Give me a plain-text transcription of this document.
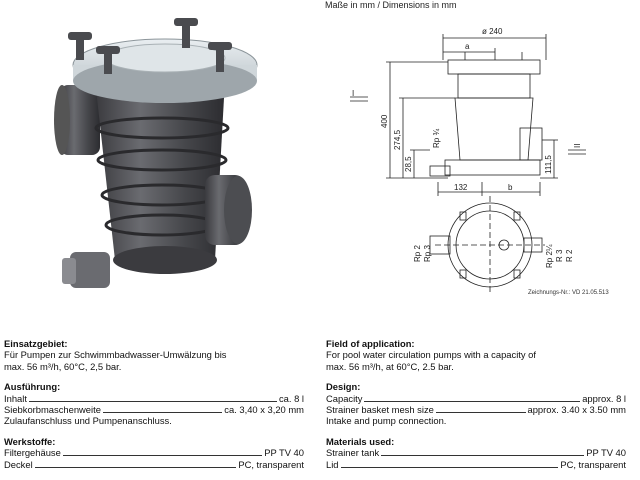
Maße in mm / Dimensions in mm
ø 240
a
b
132
400
274,5
28,5
Rp ¾
111,5
I
II
Rp 2 Rp 3	Rp 2¼ R 3 R 2
Zeichnungs-Nr.: VD 21.05.513
Einsatzgebiet:
Für Pumpen zur Schwimmbadwasser-Umwälzung bis
max. 56 m³/h, 60°C, 2,5 bar.
Ausführung:
Inhalt	ca. 8 l
Siebkorbmaschenweite	ca. 3,40 x 3,20 mm
Zulaufanschluss und Pumpenanschluss.
Werkstoffe:
Filtergehäuse	PP TV 40
Deckel	PC, transparent
Field of application:
For pool water circulation pumps with a capacity of
max. 56 m³/h, at 60°C, 2.5 bar.
Design:
Capacity	approx. 8 l
Strainer basket mesh size	approx. 3.40 x 3.50 mm
Intake and pump connection.
Materials used:
Strainer tank	PP TV 40
Lid	PC, transparent
